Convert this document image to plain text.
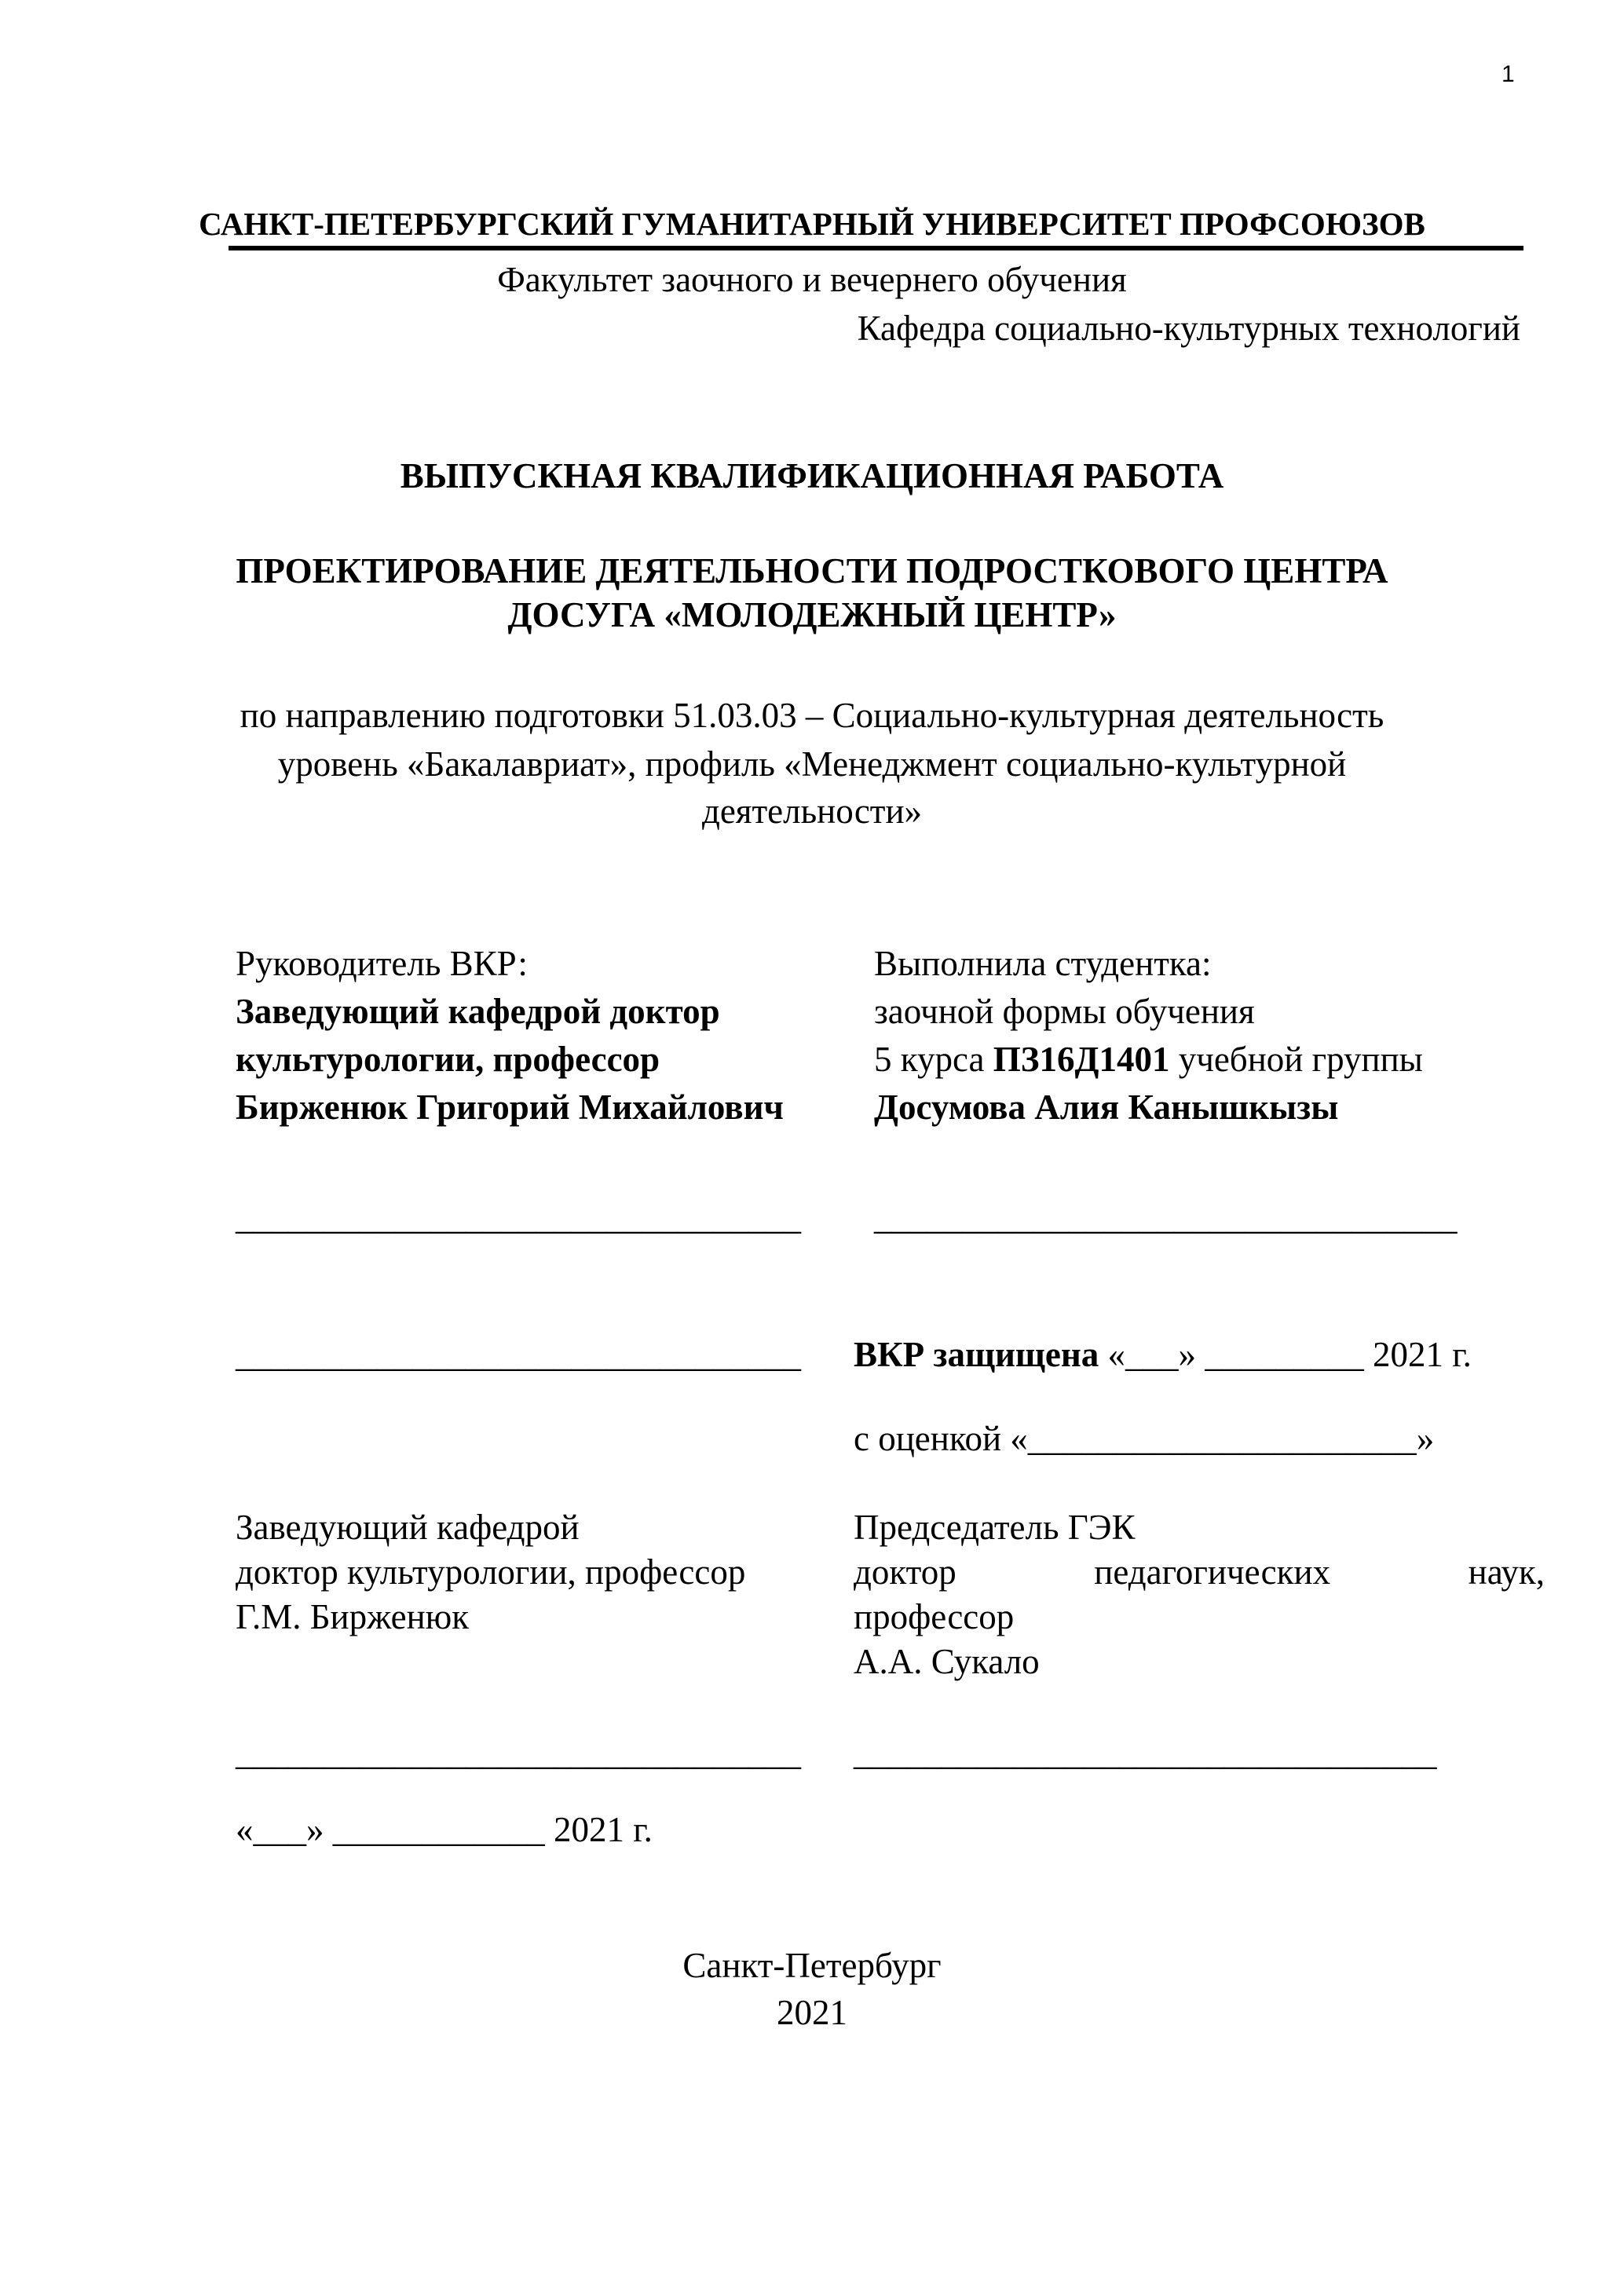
1
САНКТ-ПЕТЕРБУРГСКИЙ ГУМАНИТАРНЫЙ УНИВЕРСИТЕТ ПРОФСОЮЗОВ
Факультет заочного и вечернего обучения
Кафедра социально-культурных технологий
ВЫПУСКНАЯ КВАЛИФИКАЦИОННАЯ РАБОТА
ПРОЕКТИРОВАНИЕ ДЕЯТЕЛЬНОСТИ ПОДРОСТКОВОГО ЦЕНТРА
ДОСУГА «МОЛОДЕЖНЫЙ ЦЕНТР»
по направлению подготовки 51.03.03 – Социально-культурная деятельность
уровень «Бакалавриат», профиль «Менеджмент социально-культурной
деятельности»
Руководитель ВКР:
Заведующий кафедрой доктор
культурологии, профессор
Бирженюк Григорий Михайлович
Выполнила студентка:
заочной формы обучения
5 курса ПЗ16Д1401 учебной группы
Досумова Алия Канышкызы
________________________________ _________________________________
________________________________ ВКР защищена «___» _________ 2021 г.
с оценкой «______________________»
Заведующий кафедрой
доктор культурологии, профессор
Г.М. Бирженюк
Председатель ГЭК
доктор	педагогических	наук,
профессор
А.А. Сукало
________________________________ _________________________________
«___» ____________ 2021 г.
Санкт-Петербург
2021
